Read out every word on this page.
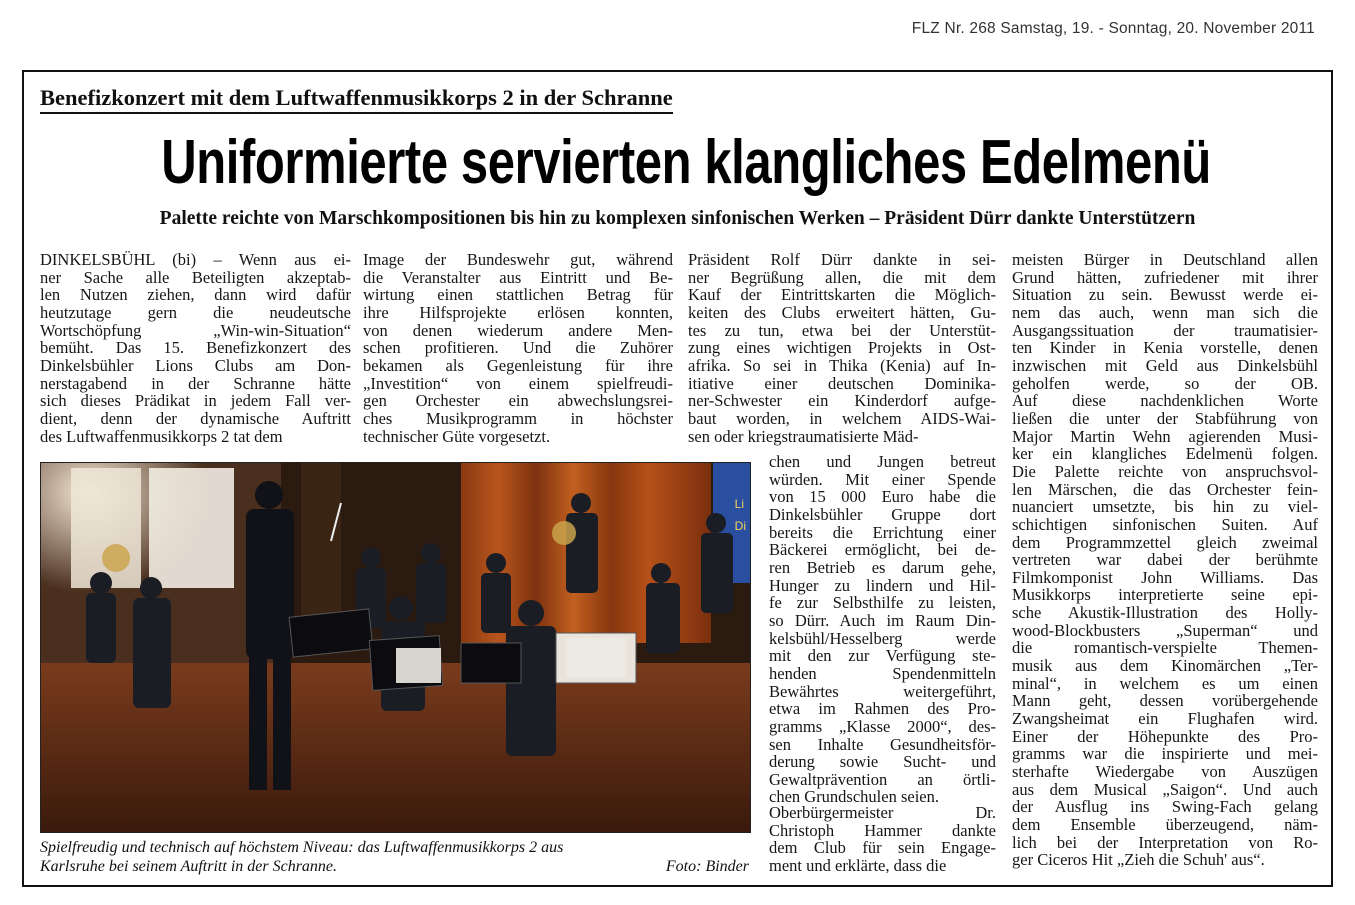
FLZ Nr. 268 Samstag, 19. - Sonntag, 20. November 2011
Benefizkonzert mit dem Luftwaffenmusikkorps 2 in der Schranne
Uniformierte servierten klangliches Edelmenü
Palette reichte von Marschkompositionen bis hin zu komplexen sinfonischen Werken – Präsident Dürr dankte Unterstützern
DINKELSBÜHL (bi) – Wenn aus ei-
ner Sache alle Beteiligten akzeptab-
len Nutzen ziehen, dann wird dafür
heutzutage gern die neudeutsche
Wortschöpfung „Win-win-Situation“
bemüht. Das 15. Benefizkonzert des
Dinkelsbühler Lions Clubs am Don-
nerstagabend in der Schranne hätte
sich dieses Prädikat in jedem Fall ver-
dient, denn der dynamische Auftritt
des Luftwaffenmusikkorps 2 tat dem
Image der Bundeswehr gut, während
die Veranstalter aus Eintritt und Be-
wirtung einen stattlichen Betrag für
ihre Hilfsprojekte erlösen konnten,
von denen wiederum andere Men-
schen profitieren. Und die Zuhörer
bekamen als Gegenleistung für ihre
„Investition“ von einem spielfreudi-
gen Orchester ein abwechslungsrei-
ches Musikprogramm in höchster
technischer Güte vorgesetzt.
Präsident Rolf Dürr dankte in sei-
ner Begrüßung allen, die mit dem
Kauf der Eintrittskarten die Möglich-
keiten des Clubs erweitert hätten, Gu-
tes zu tun, etwa bei der Unterstüt-
zung eines wichtigen Projekts in Ost-
afrika. So sei in Thika (Kenia) auf In-
itiative einer deutschen Dominika-
ner-Schwester ein Kinderdorf aufge-
baut worden, in welchem AIDS-Wai-
sen oder kriegstraumatisierte Mäd-
chen und Jungen betreut
würden. Mit einer Spende
von 15 000 Euro habe die
Dinkelsbühler Gruppe dort
bereits die Errichtung einer
Bäckerei ermöglicht, bei de-
ren Betrieb es darum gehe,
Hunger zu lindern und Hil-
fe zur Selbsthilfe zu leisten,
so Dürr. Auch im Raum Din-
kelsbühl/Hesselberg werde
mit den zur Verfügung ste-
henden Spendenmitteln
Bewährtes weitergeführt,
etwa im Rahmen des Pro-
gramms „Klasse 2000“, des-
sen Inhalte Gesundheitsför-
derung sowie Sucht- und
Gewaltprävention an örtli-
chen Grundschulen seien.
Oberbürgermeister Dr.
Christoph Hammer dankte
dem Club für sein Engage-
ment und erklärte, dass die
meisten Bürger in Deutschland allen
Grund hätten, zufriedener mit ihrer
Situation zu sein. Bewusst werde ei-
nem das auch, wenn man sich die
Ausgangssituation der traumatisier-
ten Kinder in Kenia vorstelle, denen
inzwischen mit Geld aus Dinkelsbühl
geholfen werde, so der OB.
Auf diese nachdenklichen Worte
ließen die unter der Stabführung von
Major Martin Wehn agierenden Musi-
ker ein klangliches Edelmenü folgen.
Die Palette reichte von anspruchsvol-
len Märschen, die das Orchester fein-
nuanciert umsetzte, bis hin zu viel-
schichtigen sinfonischen Suiten. Auf
dem Programmzettel gleich zweimal
vertreten war dabei der berühmte
Filmkomponist John Williams. Das
Musikkorps interpretierte seine epi-
sche Akustik-Illustration des Holly-
wood-Blockbusters „Superman“ und
die romantisch-verspielte Themen-
musik aus dem Kinomärchen „Ter-
minal“, in welchem es um einen
Mann geht, dessen vorübergehende
Zwangsheimat ein Flughafen wird.
Einer der Höhepunkte des Pro-
gramms war die inspirierte und mei-
sterhafte Wiedergabe von Auszügen
aus dem Musical „Saigon“. Und auch
der Ausflug ins Swing-Fach gelang
dem Ensemble überzeugend, näm-
lich bei der Interpretation von Ro-
ger Ciceros Hit „Zieh die Schuh' aus“.
Li
Di
Spielfreudig und technisch auf höchstem Niveau: das Luftwaffenmusikkorps 2 aus
Karlsruhe bei seinem Auftritt in der Schranne.	Foto: Binder
